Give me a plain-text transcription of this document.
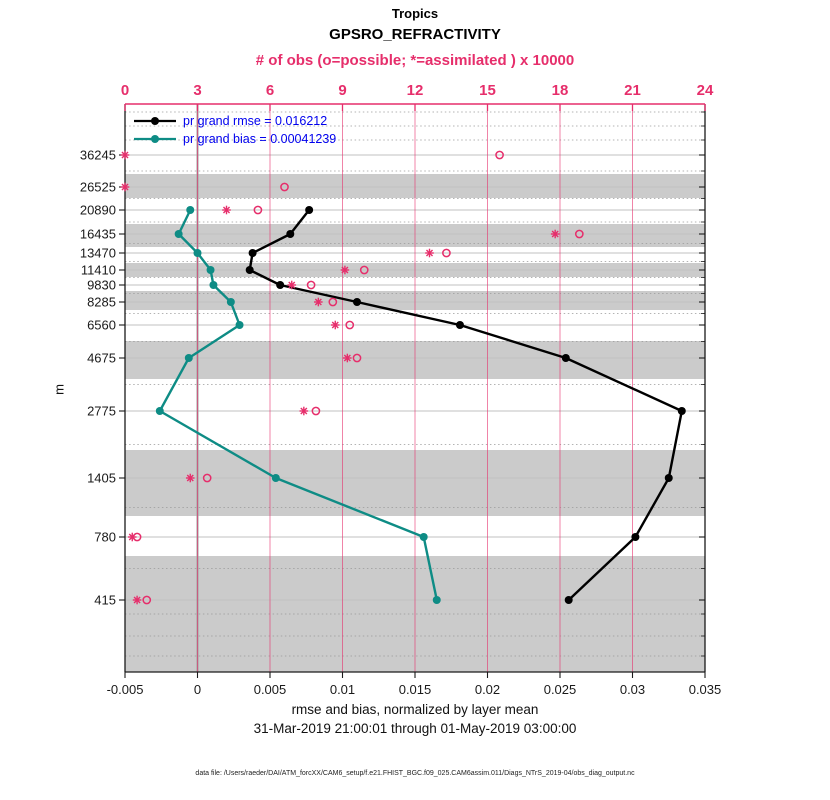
Tropics
GPSRO_REFRACTIVITY
# of obs (o=possible; *=assimilated ) x 10000
-0.005	0	0.005	0.01	0.015	0.02	0.025	0.03	0.035
0	3	6	9	12	15	18	21	24
36245
26525
20890
16435
13470
11410
9830
8285
6560
4675
2775
1405
780
415
pr grand rmse = 0.016212
pr grand bias = 0.00041239
m
rmse and bias, normalized by layer mean
31-Mar-2019 21:00:01 through 01-May-2019 03:00:00
data file: /Users/raeder/DAI/ATM_forcXX/CAM6_setup/f.e21.FHIST_BGC.f09_025.CAM6assim.011/Diags_NTrS_2019-04/obs_diag_output.nc
